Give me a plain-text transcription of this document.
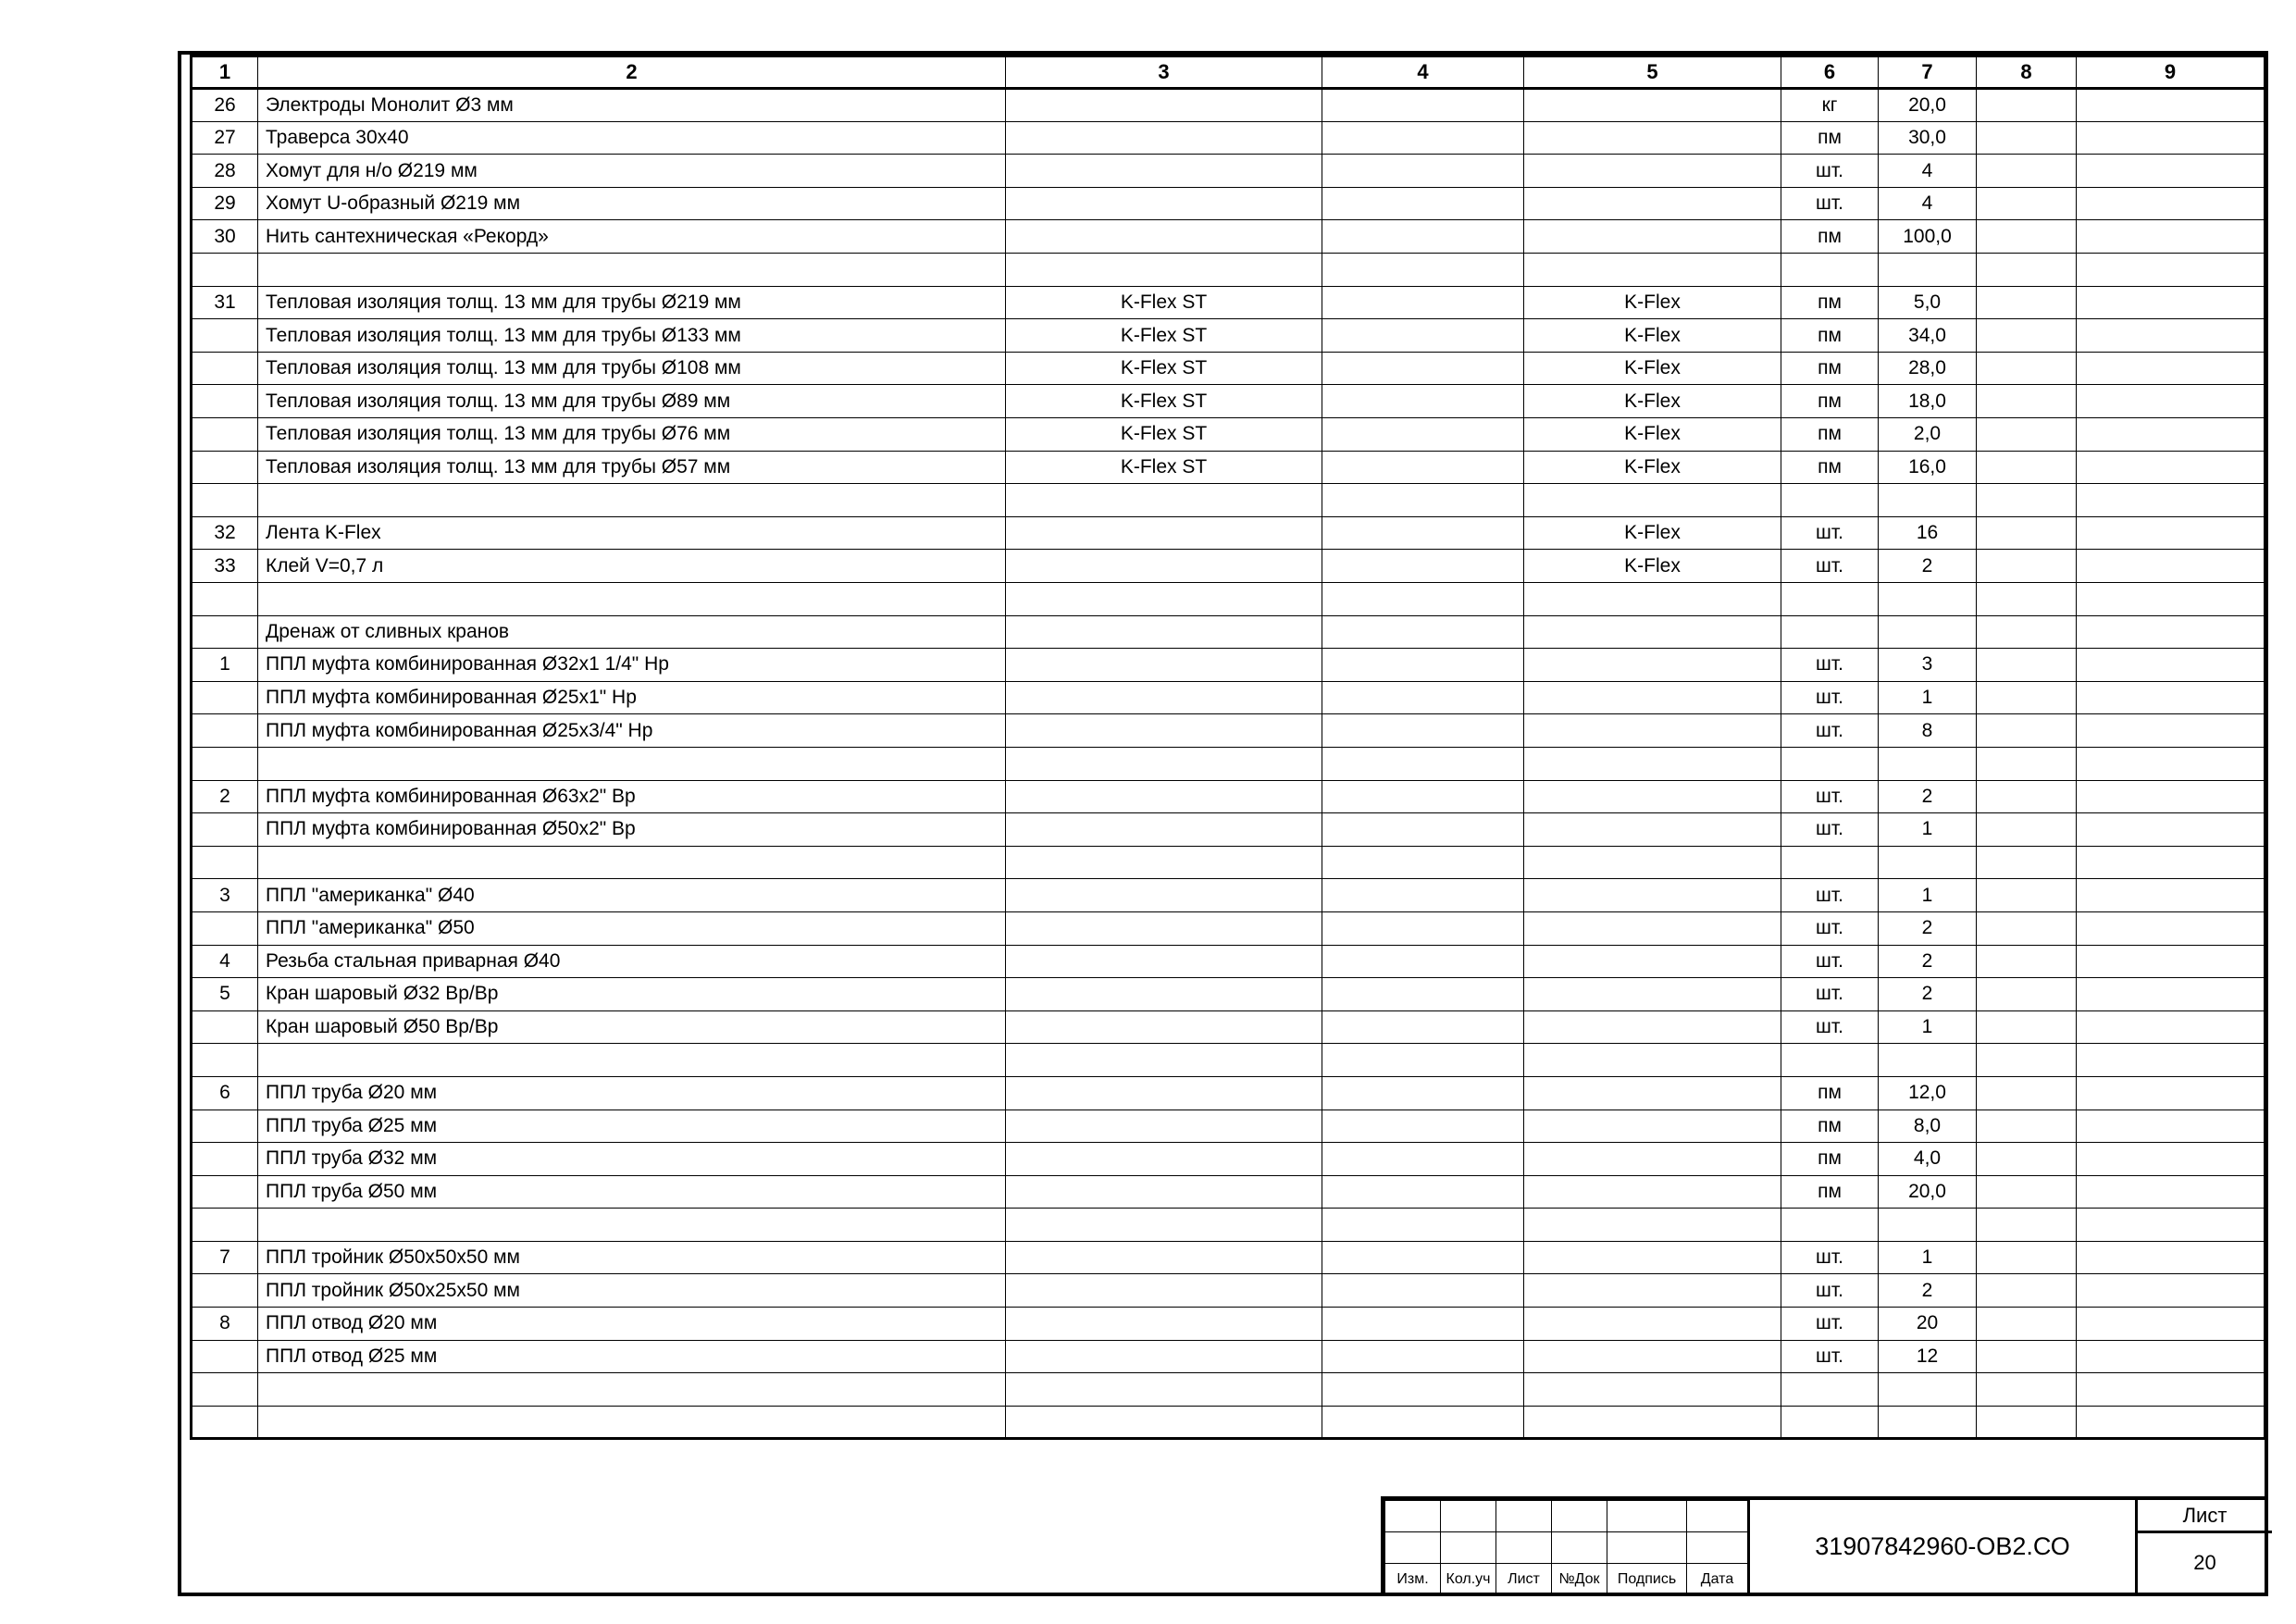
1	2	3	4	5	6	7	8	9
26	Электроды Монолит Ø3 мм				кг	20,0		
27	Траверса 30х40				пм	30,0		
28	Хомут для н/о Ø219 мм				шт.	4		
29	Хомут U-образный Ø219 мм				шт.	4		
30	Нить сантехническая «Рекорд»				пм	100,0		

31	Тепловая изоляция толщ. 13 мм для трубы Ø219 мм	K-Flex ST		K-Flex	пм	5,0		
	Тепловая изоляция толщ. 13 мм для трубы Ø133 мм	K-Flex ST		K-Flex	пм	34,0		
	Тепловая изоляция толщ. 13 мм для трубы Ø108 мм	K-Flex ST		K-Flex	пм	28,0		
	Тепловая изоляция толщ. 13 мм для трубы Ø89 мм	K-Flex ST		K-Flex	пм	18,0		
	Тепловая изоляция толщ. 13 мм для трубы Ø76 мм	K-Flex ST		K-Flex	пм	2,0		
	Тепловая изоляция толщ. 13 мм для трубы Ø57 мм	K-Flex ST		K-Flex	пм	16,0		

32	Лента K-Flex			K-Flex	шт.	16		
33	Клей V=0,7 л			K-Flex	шт.	2		

	Дренаж от сливных кранов							
1	ППЛ муфта комбинированная Ø32х1 1/4" Нр				шт.	3		
	ППЛ муфта комбинированная Ø25х1" Нр				шт.	1		
	ППЛ муфта комбинированная Ø25х3/4" Нр				шт.	8		

2	ППЛ муфта комбинированная Ø63х2" Вр				шт.	2		
	ППЛ муфта комбинированная Ø50х2" Вр				шт.	1		

3	ППЛ "американка" Ø40				шт.	1		
	ППЛ "американка" Ø50				шт.	2		
4	Резьба стальная приварная Ø40				шт.	2		
5	Кран шаровый Ø32 Вр/Вр				шт.	2		
	Кран шаровый Ø50 Вр/Вр				шт.	1		

6	ППЛ труба Ø20 мм				пм	12,0		
	ППЛ труба Ø25 мм				пм	8,0		
	ППЛ труба Ø32 мм				пм	4,0		
	ППЛ труба Ø50 мм				пм	20,0		

7	ППЛ тройник Ø50х50х50 мм				шт.	1		
	ППЛ тройник Ø50х25х50 мм				шт.	2		
8	ППЛ отвод Ø20 мм				шт.	20		
	ППЛ отвод Ø25 мм				шт.	12		

Изм.	Кол.уч	Лист	№Док	Подпись	Дата
31907842960-ОВ2.СО
Лист
20
